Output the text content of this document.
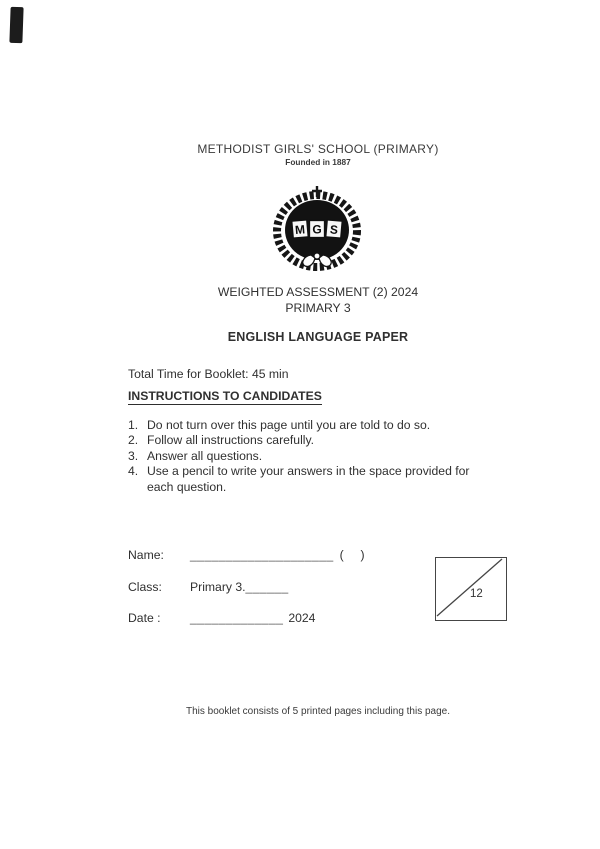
METHODIST GIRLS' SCHOOL (PRIMARY)
Founded in 1887
M G S
WEIGHTED ASSESSMENT (2) 2024
PRIMARY 3
ENGLISH LANGUAGE PAPER
Total Time for Booklet: 45 min
INSTRUCTIONS TO CANDIDATES
1. Do not turn over this page until you are told to do so.
2. Follow all instructions carefully.
3. Answer all questions.
4. Use a pencil to write your answers in the space provided for each question.
Name: ____________________ (     )
Class: Primary 3.______
Date : _____________ 2024
12
This booklet consists of 5 printed pages including this page.
